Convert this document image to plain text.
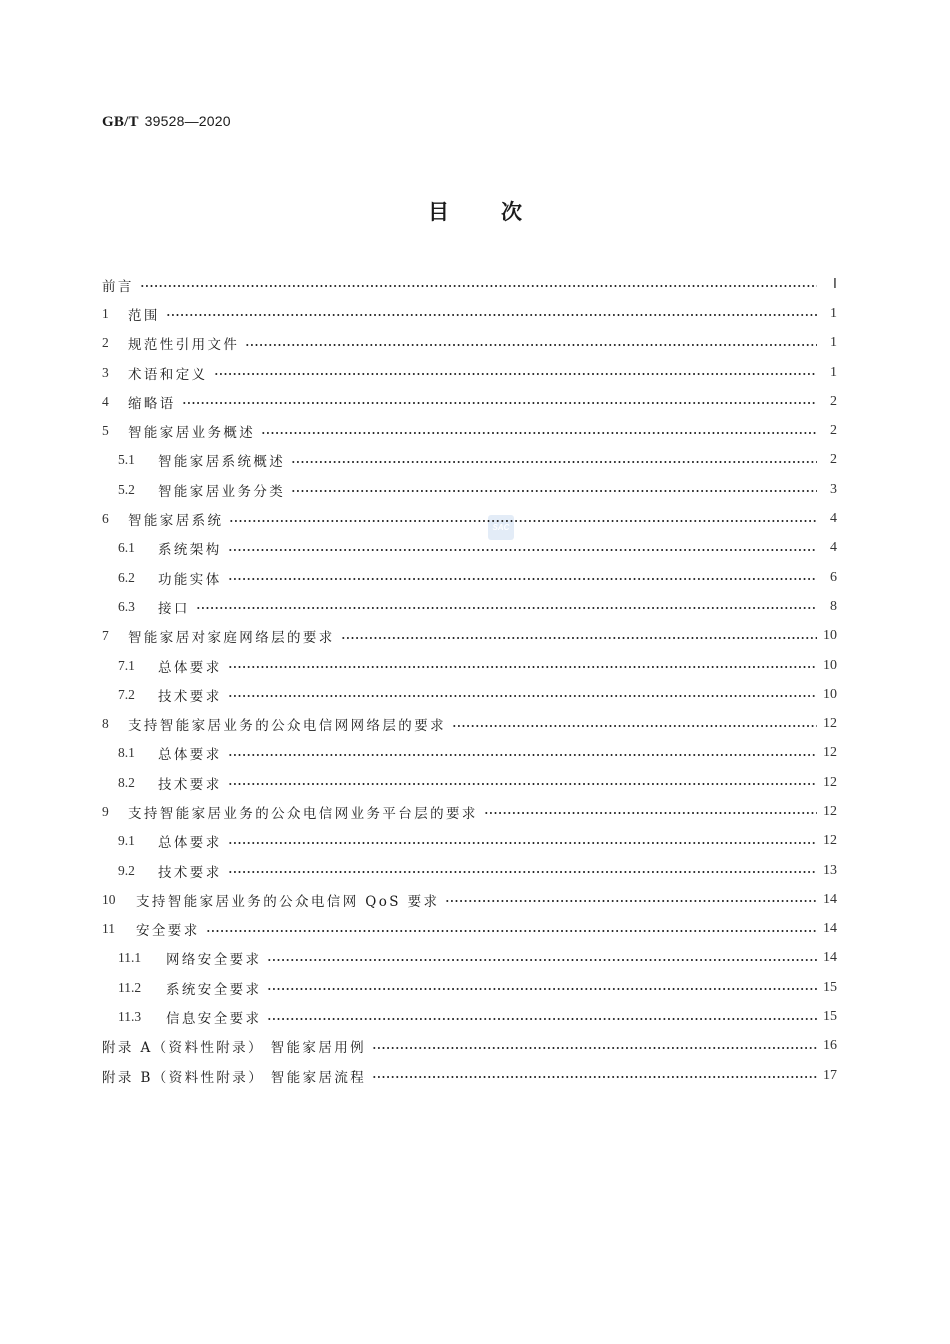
GB/T 39528—2020
目 次
SAC
前言	Ⅰ
1	范围	1
2	规范性引用文件	1
3	术语和定义	1
4	缩略语	2
5	智能家居业务概述	2
5.1	智能家居系统概述	2
5.2	智能家居业务分类	3
6	智能家居系统	4
6.1	系统架构	4
6.2	功能实体	6
6.3	接口	8
7	智能家居对家庭网络层的要求	10
7.1	总体要求	10
7.2	技术要求	10
8	支持智能家居业务的公众电信网网络层的要求	12
8.1	总体要求	12
8.2	技术要求	12
9	支持智能家居业务的公众电信网业务平台层的要求	12
9.1	总体要求	12
9.2	技术要求	13
10	支持智能家居业务的公众电信网 QoS 要求	14
11	安全要求	14
11.1	网络安全要求	14
11.2	系统安全要求	15
11.3	信息安全要求	15
附录 A（资料性附录） 智能家居用例	16
附录 B（资料性附录） 智能家居流程	17
